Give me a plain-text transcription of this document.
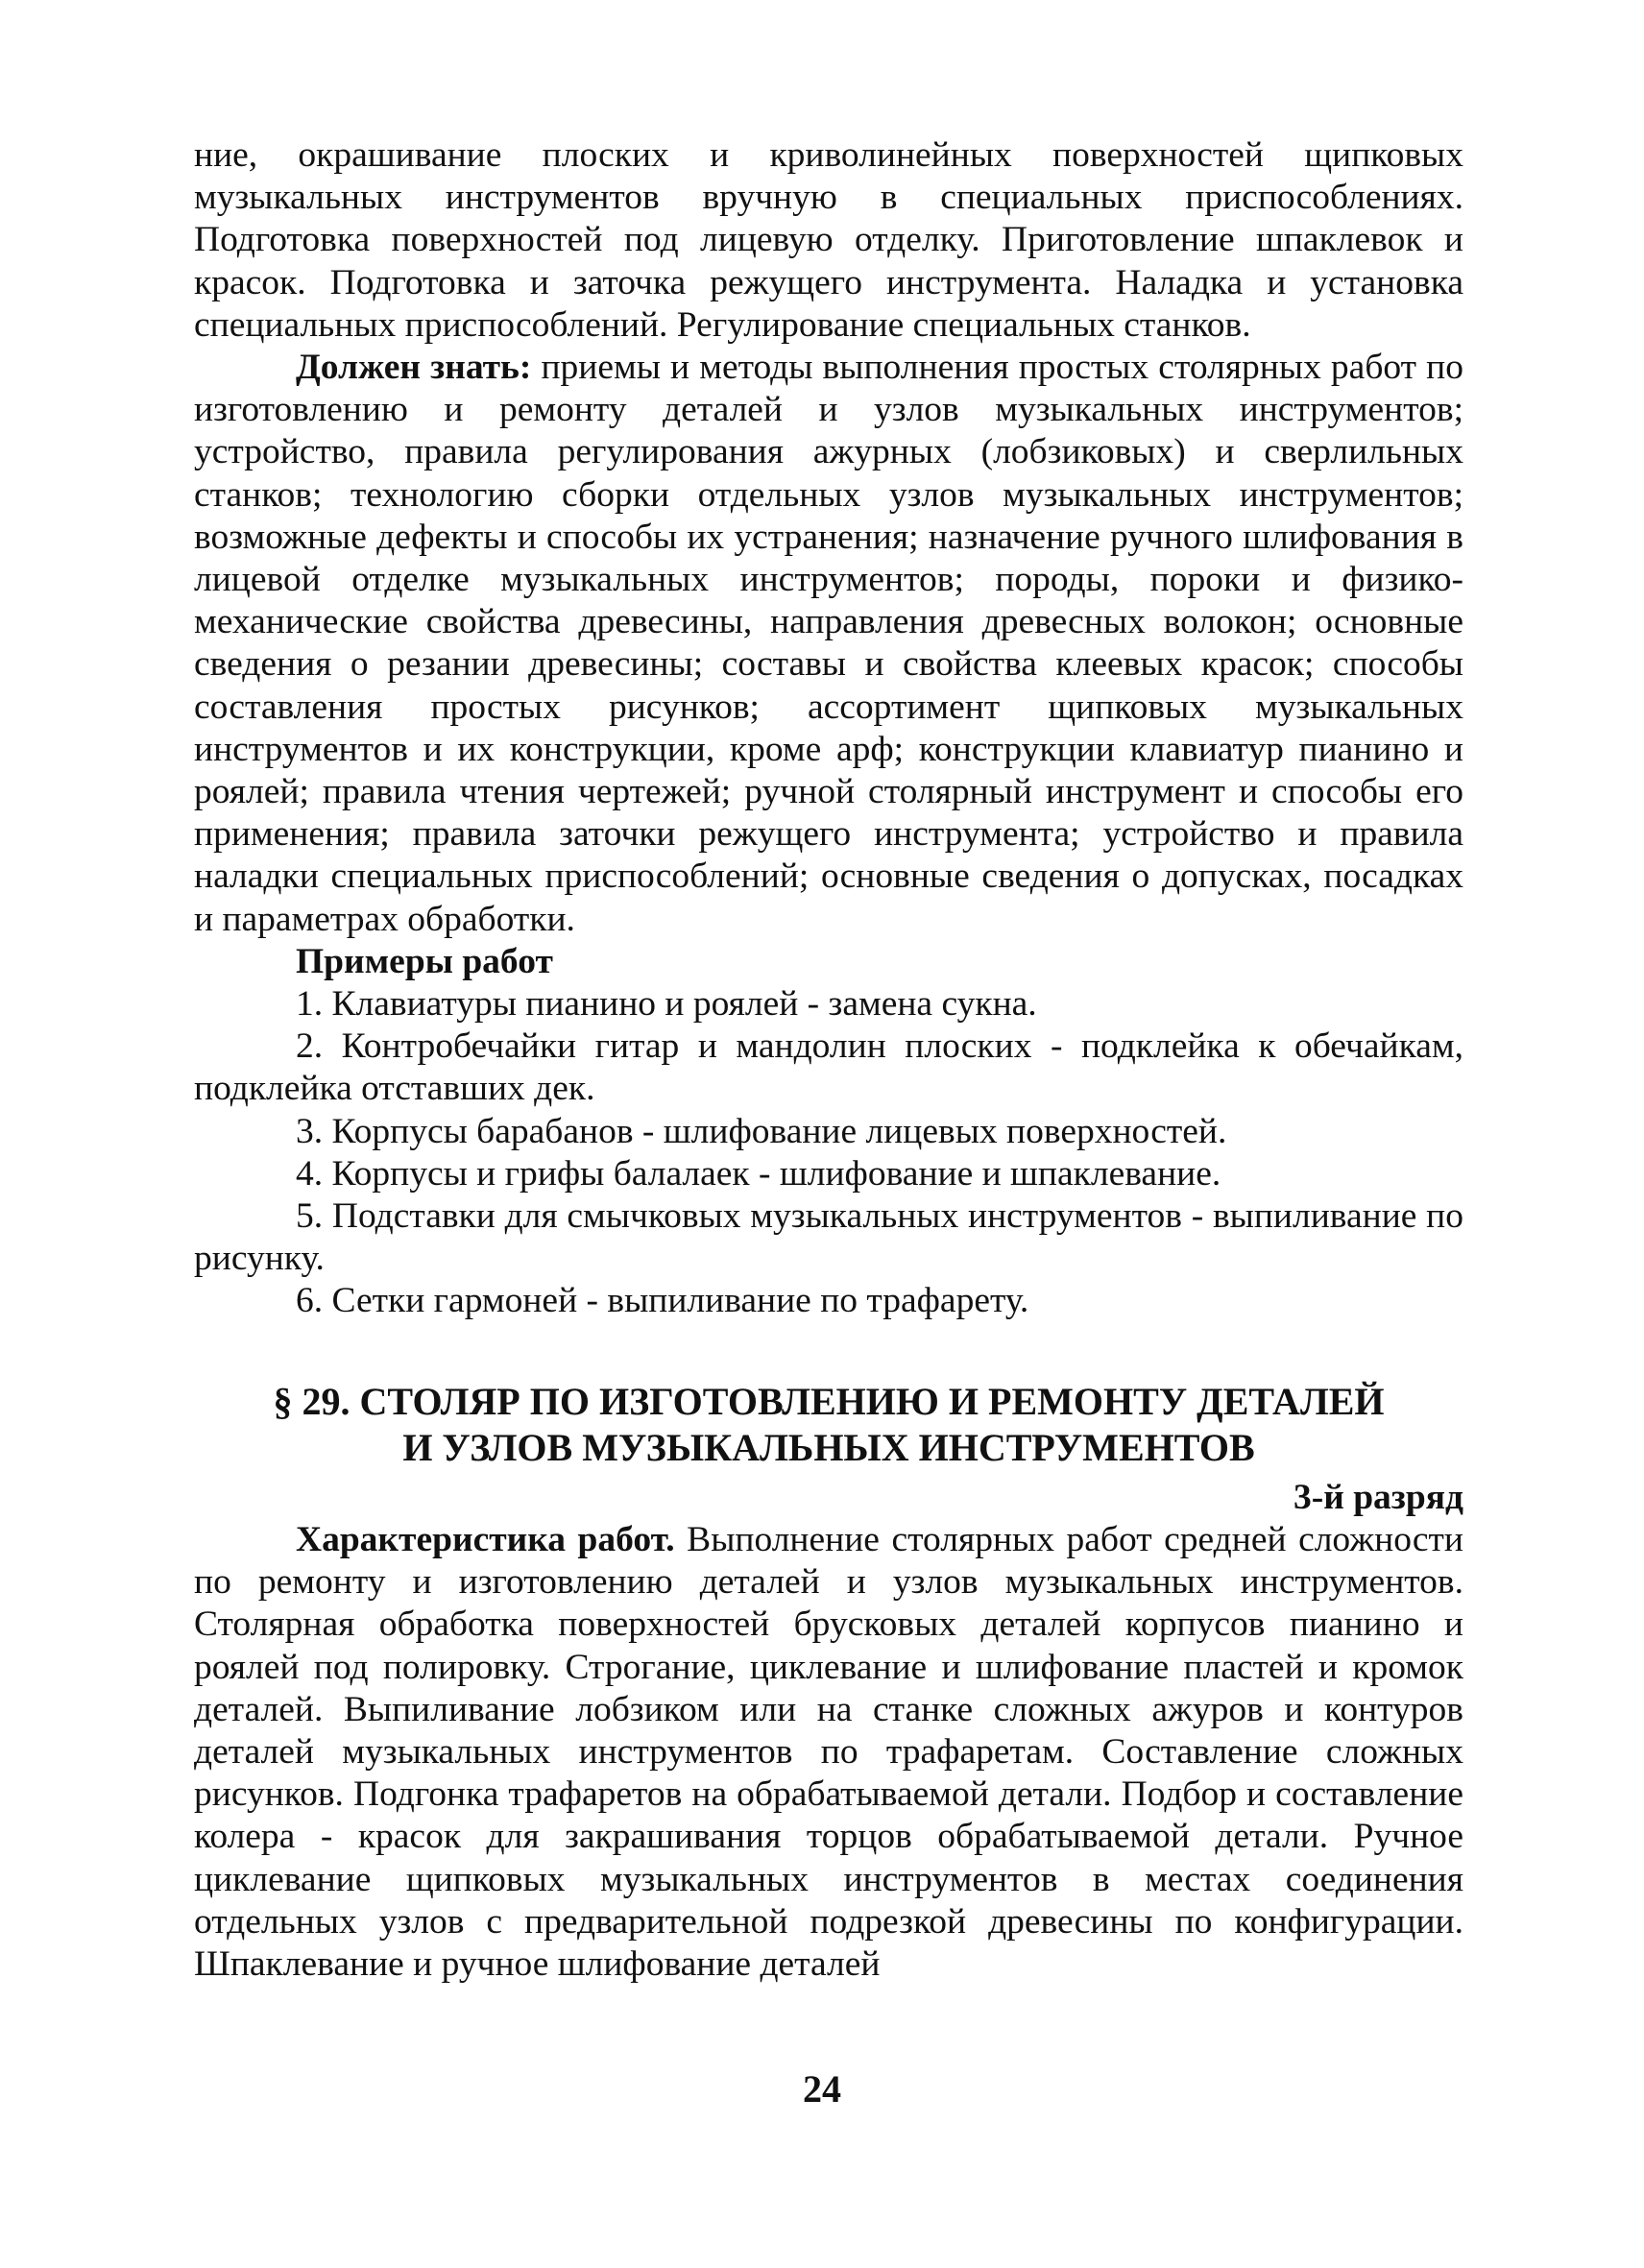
ние, окрашивание плоских и криволинейных поверхностей щипковых музыкальных инструментов вручную в специальных приспособлениях. Подготовка поверхностей под лицевую отделку. Приготовление шпаклевок и красок. Подготовка и заточка режущего инструмента. Наладка и установка специальных приспособлений. Регулирование специальных станков.

Должен знать: приемы и методы выполнения простых столярных работ по изготовлению и ремонту деталей и узлов музыкальных инструментов; устройство, правила регулирования ажурных (лобзиковых) и сверлильных станков; технологию сборки отдельных узлов музыкальных инструментов; возможные дефекты и способы их устранения; назначение ручного шлифования в лицевой отделке музыкальных инструментов; породы, пороки и физико-механические свойства древесины, направления древесных волокон; основные сведения о резании древесины; составы и свойства клеевых красок; способы составления простых рисунков; ассортимент щипковых музыкальных инструментов и их конструкции, кроме арф; конструкции клавиатур пианино и роялей; правила чтения чертежей; ручной столярный инструмент и способы его применения; правила заточки режущего инструмента; устройство и правила наладки специальных приспособлений; основные сведения о допусках, посадках и параметрах обработки.

Примеры работ

1. Клавиатуры пианино и роялей - замена сукна.

2. Контробечайки гитар и мандолин плоских - подклейка к обечайкам, подклейка отставших дек.

3. Корпусы барабанов - шлифование лицевых поверхностей.

4. Корпусы и грифы балалаек - шлифование и шпаклевание.

5. Подставки для смычковых музыкальных инструментов - выпиливание по рисунку.

6. Сетки гармоней - выпиливание по трафарету.

§ 29. СТОЛЯР ПО ИЗГОТОВЛЕНИЮ И РЕМОНТУ ДЕТАЛЕЙ
И УЗЛОВ МУЗЫКАЛЬНЫХ ИНСТРУМЕНТОВ

3-й разряд

Характеристика работ. Выполнение столярных работ средней сложности по ремонту и изготовлению деталей и узлов музыкальных инструментов. Столярная обработка поверхностей брусковых деталей корпусов пианино и роялей под полировку. Строгание, циклевание и шлифование пластей и кромок деталей. Выпиливание лобзиком или на станке сложных ажуров и контуров деталей музыкальных инструментов по трафаретам. Составление сложных рисунков. Подгонка трафаретов на обрабатываемой детали. Подбор и составление колера - красок для закрашивания торцов обрабатываемой детали. Ручное циклевание щипковых музыкальных инструментов в местах соединения отдельных узлов с предварительной подрезкой древесины по конфигурации. Шпаклевание и ручное шлифование деталей

24
